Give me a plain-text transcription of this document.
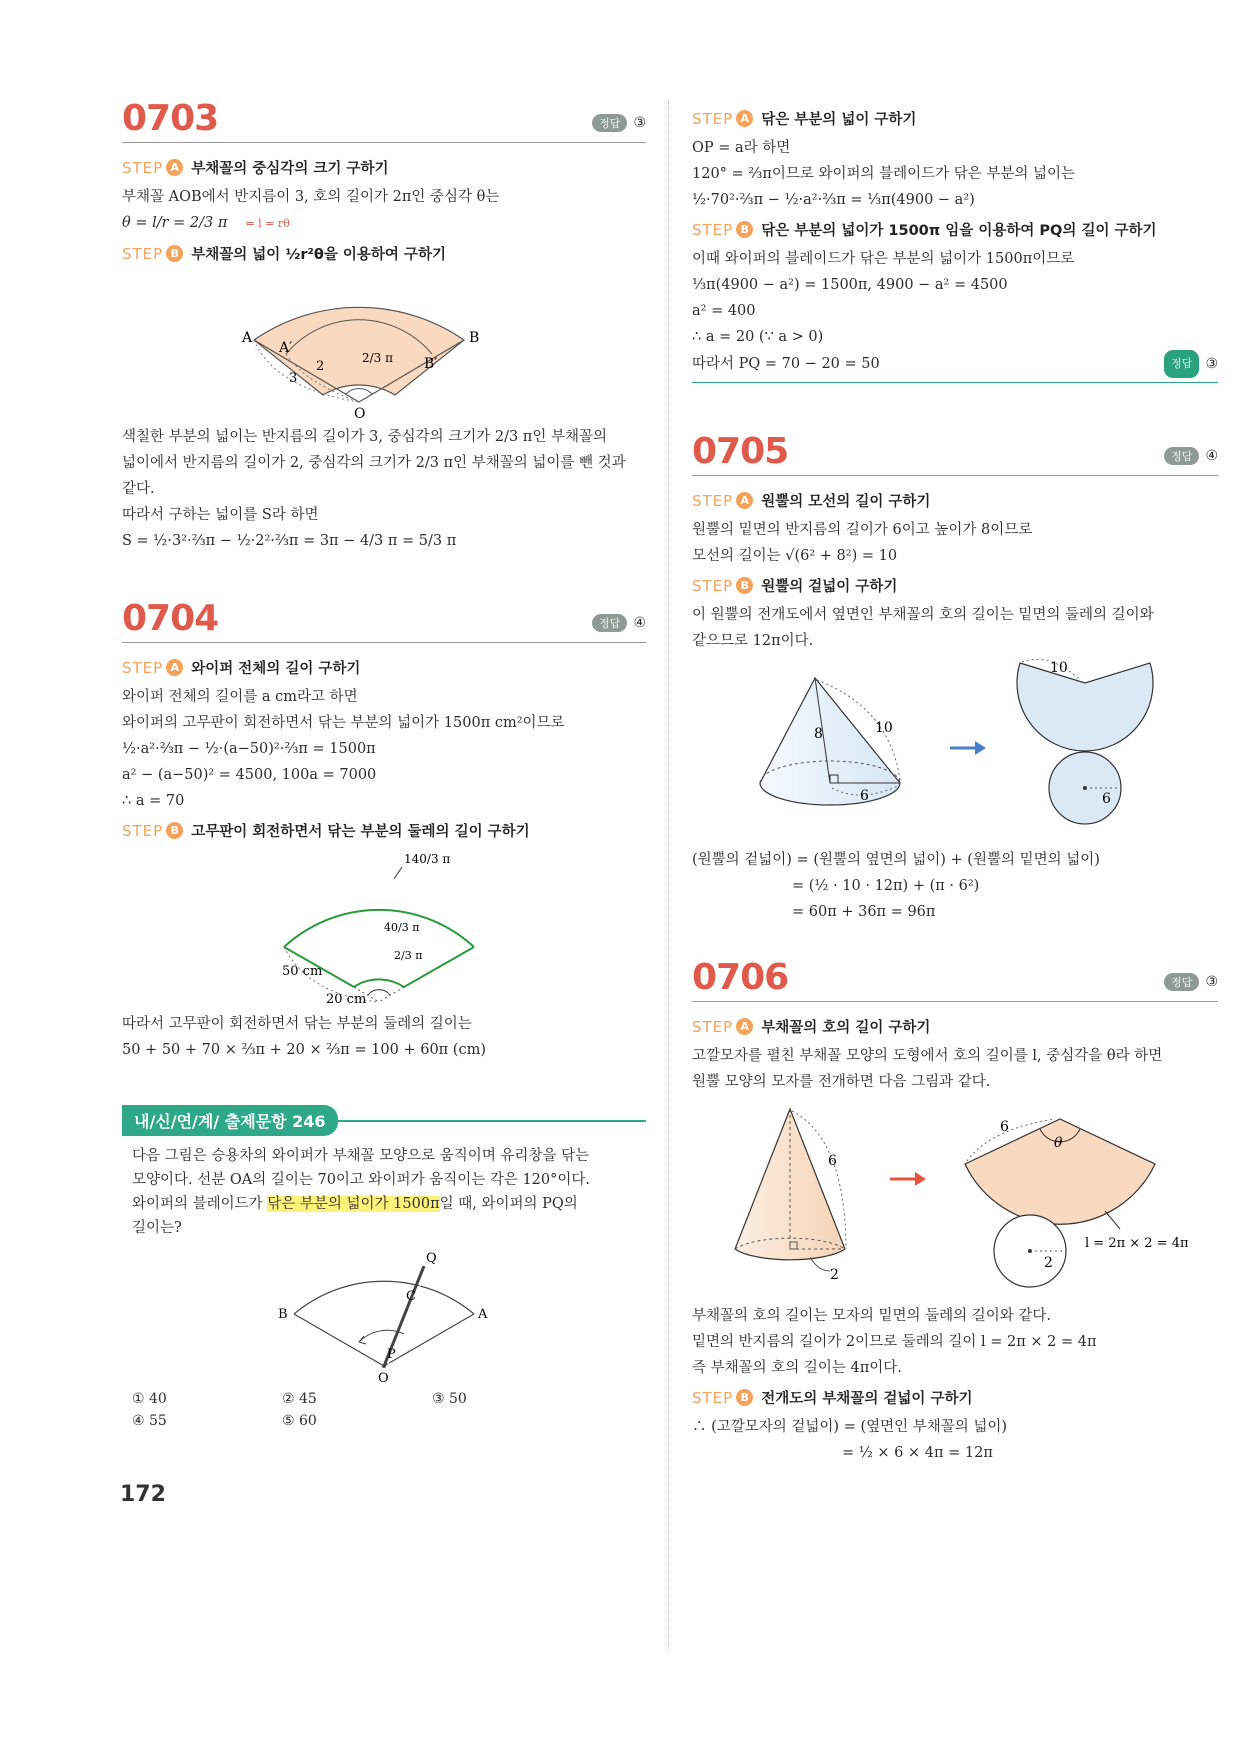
0703	정답 ③
STEP A 부채꼴의 중심각의 크기 구하기
부채꼴 AOB에서 반지름이 3, 호의 길이가 2π인 중심각 θ는
θ = l/r = 2/3 π ⇐ l = rθ
STEP B 부채꼴의 넓이 ½r²θ을 이용하여 구하기
A
A′
B
B′
O
2
3
2/3 π
색칠한 부분의 넓이는 반지름의 길이가 3, 중심각의 크기가 2/3 π인 부채꼴의
넓이에서 반지름의 길이가 2, 중심각의 크기가 2/3 π인 부채꼴의 넓이를 뺀 것과
같다.
따라서 구하는 넓이를 S라 하면
S = ½·3²·⅔π − ½·2²·⅔π = 3π − 4/3 π = 5/3 π
0704	정답 ④
STEP A 와이퍼 전체의 길이 구하기
와이퍼 전체의 길이를 a cm라고 하면
와이퍼의 고무판이 회전하면서 닦는 부분의 넓이가 1500π cm²이므로
½·a²·⅔π − ½·(a−50)²·⅔π = 1500π
a² − (a−50)² = 4500, 100a = 7000
∴ a = 70
STEP B 고무판이 회전하면서 닦는 부분의 둘레의 길이 구하기
140/3 π
40/3 π
2/3 π
50 cm
20 cm
따라서 고무판이 회전하면서 닦는 부분의 둘레의 길이는
50 + 50 + 70 × ⅔π + 20 × ⅔π = 100 + 60π (cm)
내/신/연/계/ 출제문항 246
다음 그림은 승용차의 와이퍼가 부채꼴 모양으로 움직이며 유리창을 닦는
모양이다. 선분 OA의 길이는 70이고 와이퍼가 움직이는 각은 120°이다.
와이퍼의 블레이드가 닦은 부분의 넓이가 1500π일 때, 와이퍼의 PQ의
길이는?
Q
C
B	A
P
O
① 40	② 45	③ 50
④ 55	⑤ 60
STEP A 닦은 부분의 넓이 구하기
OP = a라 하면
120° = ⅔π이므로 와이퍼의 블레이드가 닦은 부분의 넓이는
½·70²·⅔π − ½·a²·⅔π = ⅓π(4900 − a²)
STEP B 닦은 부분의 넓이가 1500π 임을 이용하여 PQ의 길이 구하기
이때 와이퍼의 블레이드가 닦은 부분의 넓이가 1500π이므로
⅓π(4900 − a²) = 1500π, 4900 − a² = 4500
a² = 400
∴ a = 20 (∵ a > 0)
따라서 PQ = 70 − 20 = 50	정답 ③
0705	정답 ④
STEP A 원뿔의 모선의 길이 구하기
원뿔의 밑면의 반지름의 길이가 6이고 높이가 8이므로
모선의 길이는 √(6² + 8²) = 10
STEP B 원뿔의 겉넓이 구하기
이 원뿔의 전개도에서 옆면인 부채꼴의 호의 길이는 밑면의 둘레의 길이와
같으므로 12π이다.
8	10
6
10
6
(원뿔의 겉넓이) = (원뿔의 옆면의 넓이) + (원뿔의 밑면의 넓이)
= (½ · 10 · 12π) + (π · 6²)
= 60π + 36π = 96π
0706	정답 ③
STEP A 부채꼴의 호의 길이 구하기
고깔모자를 펼친 부채꼴 모양의 도형에서 호의 길이를 l, 중심각을 θ라 하면
원뿔 모양의 모자를 전개하면 다음 그림과 같다.
6
2
6
θ
l = 2π × 2 = 4π
2
부채꼴의 호의 길이는 모자의 밑면의 둘레의 길이와 같다.
밑면의 반지름의 길이가 2이므로 둘레의 길이 l = 2π × 2 = 4π
즉 부채꼴의 호의 길이는 4π이다.
STEP B 전개도의 부채꼴의 겉넓이 구하기
∴ (고깔모자의 겉넓이) = (옆면인 부채꼴의 넓이)
= ½ × 6 × 4π = 12π
172
